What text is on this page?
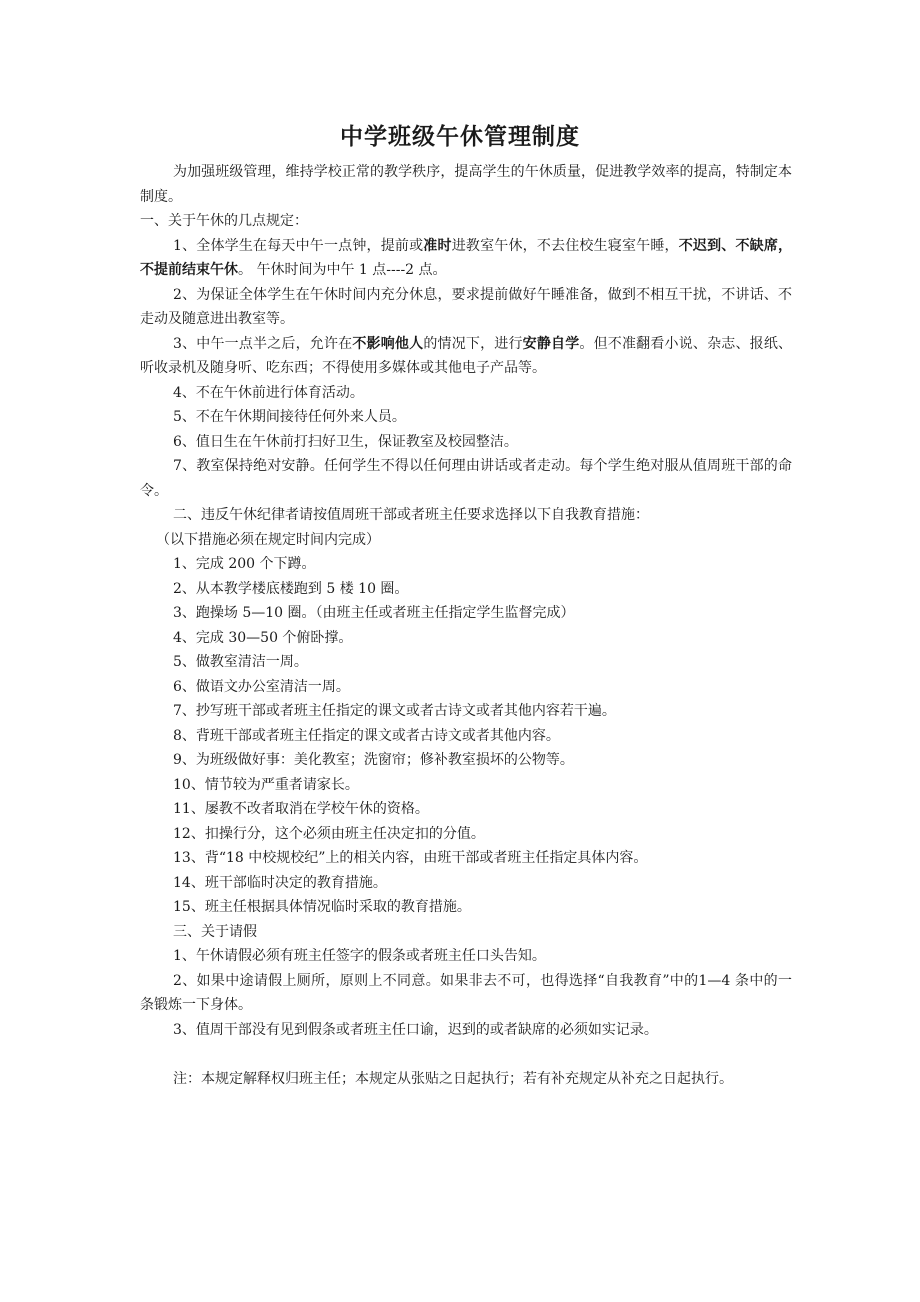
中学班级午休管理制度

为加强班级管理，维持学校正常的教学秩序，提高学生的午休质量，促进教学效率的提高，特制定本制度。

一、关于午休的几点规定：

1、全体学生在每天中午一点钟，提前或准时进教室午休，不去住校生寝室午睡，不迟到、不缺席，不提前结束午休。 午休时间为中午 1 点----2 点。

2、为保证全体学生在午休时间内充分休息，要求提前做好午睡准备，做到不相互干扰，不讲话、不走动及随意进出教室等。

3、中午一点半之后，允许在不影响他人的情况下，进行安静自学。但不准翻看小说、杂志、报纸、听收录机及随身听、吃东西；不得使用多媒体或其他电子产品等。

4、不在午休前进行体育活动。

5、不在午休期间接待任何外来人员。

6、值日生在午休前打扫好卫生，保证教室及校园整洁。

7、教室保持绝对安静。任何学生不得以任何理由讲话或者走动。每个学生绝对服从值周班干部的命令。

二、违反午休纪律者请按值周班干部或者班主任要求选择以下自我教育措施：

（以下措施必须在规定时间内完成）

1、完成 200 个下蹲。

2、从本教学楼底楼跑到 5 楼 10 圈。

3、跑操场 5—10 圈。（由班主任或者班主任指定学生监督完成）

4、完成 30—50 个俯卧撑。

5、做教室清洁一周。

6、做语文办公室清洁一周。

7、抄写班干部或者班主任指定的课文或者古诗文或者其他内容若干遍。

8、背班干部或者班主任指定的课文或者古诗文或者其他内容。

9、为班级做好事：美化教室；洗窗帘；修补教室损坏的公物等。

10、情节较为严重者请家长。

11、屡教不改者取消在学校午休的资格。

12、扣操行分，这个必须由班主任决定扣的分值。

13、背“18 中校规校纪”上的相关内容，由班干部或者班主任指定具体内容。

14、班干部临时决定的教育措施。

15、班主任根据具体情况临时采取的教育措施。

三、关于请假

1、午休请假必须有班主任签字的假条或者班主任口头告知。

2、如果中途请假上厕所，原则上不同意。如果非去不可，也得选择“自我教育”中的1—4 条中的一条锻炼一下身体。

3、值周干部没有见到假条或者班主任口谕，迟到的或者缺席的必须如实记录。

注：本规定解释权归班主任；本规定从张贴之日起执行；若有补充规定从补充之日起执行。
